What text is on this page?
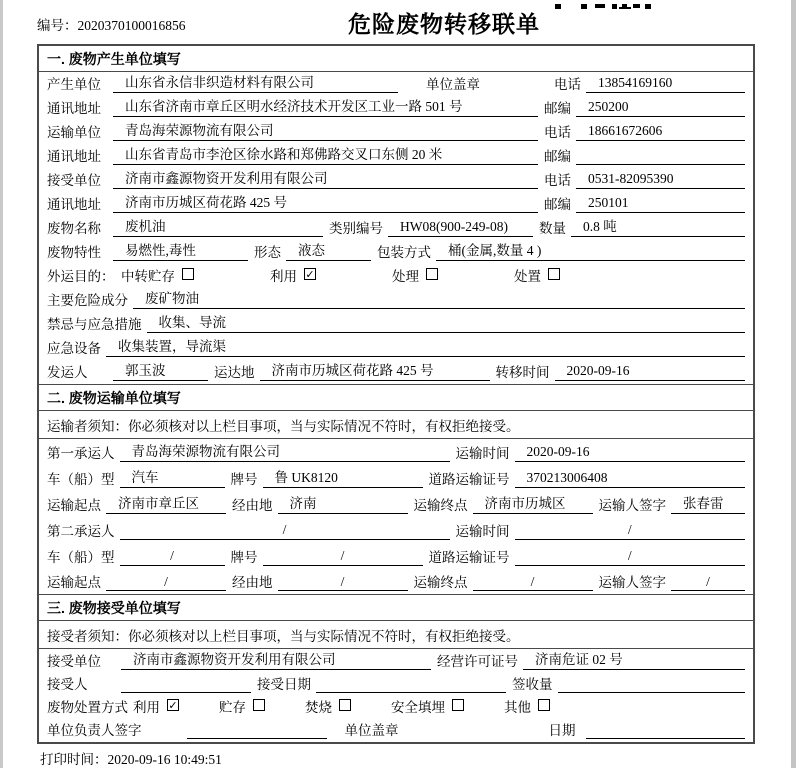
危险废物转移联单
编号：2020370100016856
一. 废物产生单位填写
产生单位	山东省永信非织造材料有限公司	单位盖章	电话	13854169160
通讯地址	山东省济南市章丘区明水经济技术开发区工业一路 501 号	邮编	250200
运输单位	青岛海荣源物流有限公司	电话	18661672606
通讯地址	山东省青岛市李沧区徐水路和郑佛路交叉口东侧 20 米	邮编
接受单位	济南市鑫源物资开发利用有限公司	电话	0531-82095390
通讯地址	济南市历城区荷花路 425 号	邮编	250101
废物名称	废机油	类别编号	HW08(900-249-08)	数量	0.8 吨
废物特性	易燃性,毒性	形态	液态	包装方式	桶(金属,数量 4 )
外运目的： 中转贮存	利用 ✓	处理	处置
主要危险成分	废矿物油
禁忌与应急措施	收集、导流
应急设备	收集装置，导流渠
发运人	郭玉波	运达地	济南市历城区荷花路 425 号	转移时间	2020-09-16
二. 废物运输单位填写
运输者须知：你必须核对以上栏目事项，当与实际情况不符时，有权拒绝接受。
第一承运人	青岛海荣源物流有限公司	运输时间	2020-09-16
车（船）型	汽车	牌号	鲁 UK8120	道路运输证号	370213006408
运输起点	济南市章丘区	经由地	济南	运输终点	济南市历城区	运输人签字	张春雷
第二承运人	/	运输时间	/
车（船）型	/	牌号	/	道路运输证号	/
运输起点	/	经由地	/	运输终点	/	运输人签字	/
三. 废物接受单位填写
接受者须知：你必须核对以上栏目事项，当与实际情况不符时，有权拒绝接受。
接受单位	济南市鑫源物资开发利用有限公司	经营许可证号	济南危证 02 号
接受人	接受日期	签收量
废物处置方式 利用 ✓	贮存	焚烧	安全填埋	其他
单位负责人签字	单位盖章	日期
打印时间：2020-09-16 10:49:51
